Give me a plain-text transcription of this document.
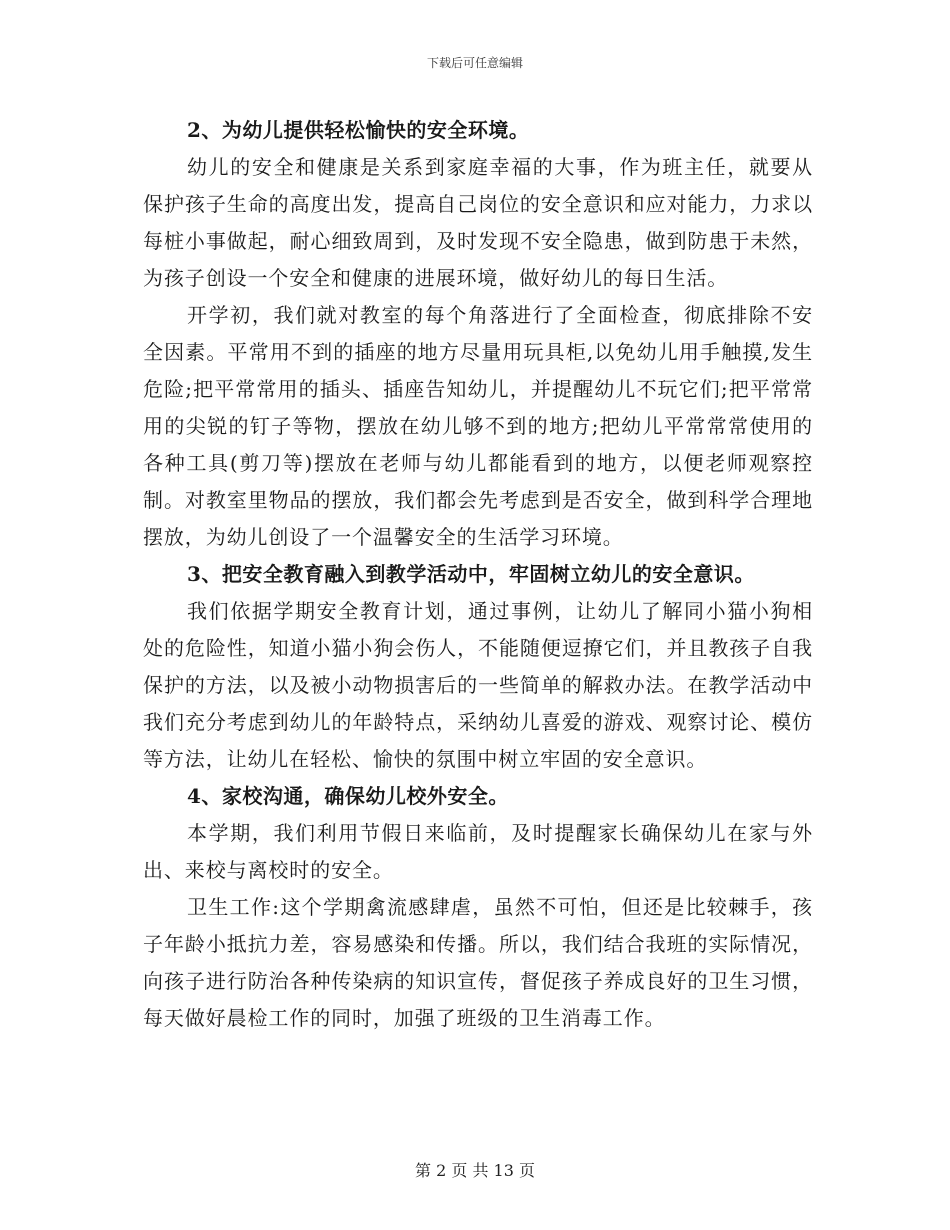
下载后可任意编辑

2、为幼儿提供轻松愉快的安全环境。

幼儿的安全和健康是关系到家庭幸福的大事，作为班主任，就要从保护孩子生命的高度出发，提高自己岗位的安全意识和应对能力，力求以每桩小事做起，耐心细致周到，及时发现不安全隐患，做到防患于未然，为孩子创设一个安全和健康的进展环境，做好幼儿的每日生活。

开学初，我们就对教室的每个角落进行了全面检查，彻底排除不安全因素。平常用不到的插座的地方尽量用玩具柜,以免幼儿用手触摸,发生危险;把平常常用的插头、插座告知幼儿，并提醒幼儿不玩它们;把平常常用的尖锐的钉子等物，摆放在幼儿够不到的地方;把幼儿平常常常使用的各种工具(剪刀等)摆放在老师与幼儿都能看到的地方，以便老师观察控制。对教室里物品的摆放，我们都会先考虑到是否安全，做到科学合理地摆放，为幼儿创设了一个温馨安全的生活学习环境。

3、把安全教育融入到教学活动中，牢固树立幼儿的安全意识。

我们依据学期安全教育计划，通过事例，让幼儿了解同小猫小狗相处的危险性，知道小猫小狗会伤人，不能随便逗撩它们，并且教孩子自我保护的方法，以及被小动物损害后的一些简单的解救办法。在教学活动中我们充分考虑到幼儿的年龄特点，采纳幼儿喜爱的游戏、观察讨论、模仿等方法，让幼儿在轻松、愉快的氛围中树立牢固的安全意识。

4、家校沟通，确保幼儿校外安全。

本学期，我们利用节假日来临前，及时提醒家长确保幼儿在家与外出、来校与离校时的安全。

卫生工作:这个学期禽流感肆虐，虽然不可怕，但还是比较棘手，孩子年龄小抵抗力差，容易感染和传播。所以，我们结合我班的实际情况，向孩子进行防治各种传染病的知识宣传，督促孩子养成良好的卫生习惯，每天做好晨检工作的同时，加强了班级的卫生消毒工作。

第 2 页 共 13 页
